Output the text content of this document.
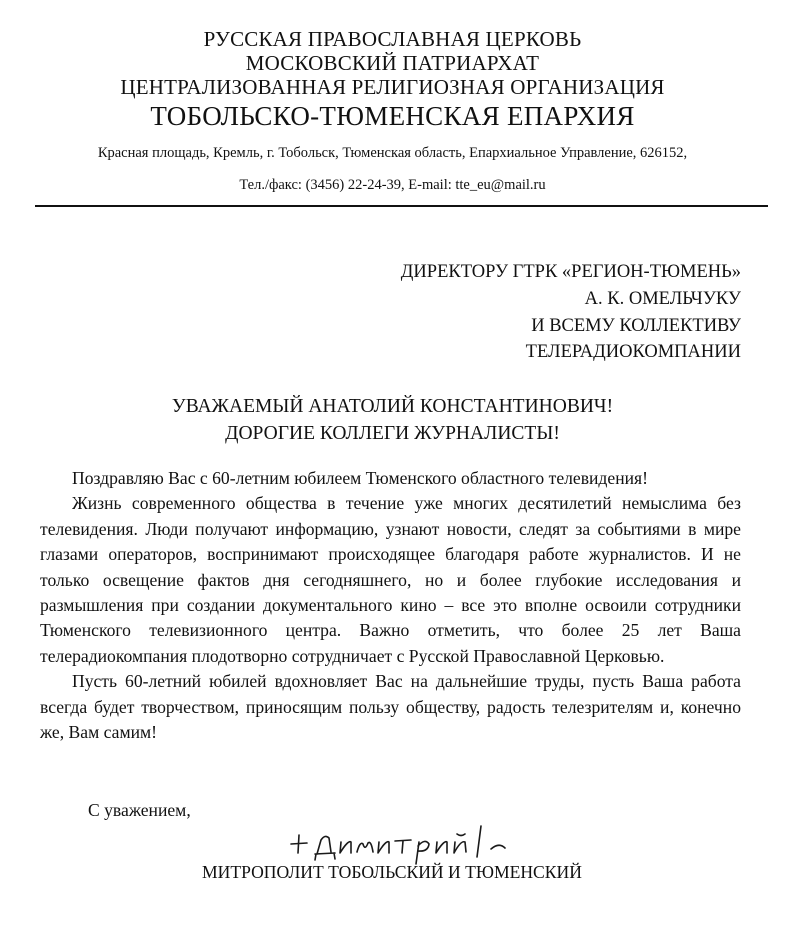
РУССКАЯ ПРАВОСЛАВНАЯ ЦЕРКОВЬ
МОСКОВСКИЙ ПАТРИАРХАТ
ЦЕНТРАЛИЗОВАННАЯ РЕЛИГИОЗНАЯ ОРГАНИЗАЦИЯ
ТОБОЛЬСКО-ТЮМЕНСКАЯ ЕПАРХИЯ
Красная площадь, Кремль, г. Тобольск, Тюменская область, Епархиальное Управление, 626152,
Тел./факс: (3456) 22-24-39, E-mail: tte_eu@mail.ru
ДИРЕКТОРУ ГТРК «РЕГИОН-ТЮМЕНЬ»
А. К. ОМЕЛЬЧУКУ
И ВСЕМУ КОЛЛЕКТИВУ
ТЕЛЕРАДИОКОМПАНИИ
УВАЖАЕМЫЙ АНАТОЛИЙ КОНСТАНТИНОВИЧ!
ДОРОГИЕ КОЛЛЕГИ ЖУРНАЛИСТЫ!

Поздравляю Вас с 60-летним юбилеем Тюменского областного телевидения!

Жизнь современного общества в течение уже многих десятилетий немыслима без телевидения. Люди получают информацию, узнают новости, следят за событиями в мире глазами операторов, воспринимают происходящее благодаря работе журналистов. И не только освещение фактов дня сегодняшнего, но и более глубокие исследования и размышления при создании документального кино – все это вполне освоили сотрудники Тюменского телевизионного центра. Важно отметить, что более 25 лет Ваша телерадиокомпания плодотворно сотрудничает с Русской Православной Церковью.

Пусть 60-летний юбилей вдохновляет Вас на дальнейшие труды, пусть Ваша работа всегда будет творчеством, приносящим пользу обществу, радость телезрителям и, конечно же, Вам самим!

С уважением,
МИТРОПОЛИТ ТОБОЛЬСКИЙ И ТЮМЕНСКИЙ
